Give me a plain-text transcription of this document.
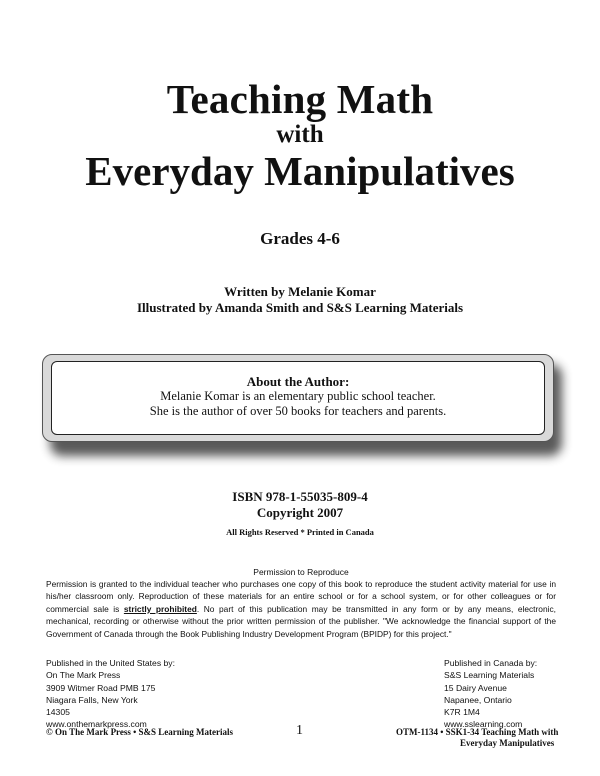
Teaching Math
with
Everyday Manipulatives
Grades 4-6
Written by Melanie Komar
Illustrated by Amanda Smith and S&S Learning Materials
About the Author:
Melanie Komar is an elementary public school teacher.
She is the author of over 50 books for teachers and parents.
ISBN 978-1-55035-809-4
Copyright 2007
All Rights Reserved * Printed in Canada
Permission to Reproduce
Permission is granted to the individual teacher who purchases one copy of this book to reproduce the student activity material for use in his/her classroom only. Reproduction of these materials for an entire school or for a school system, or for other colleagues or for commercial sale is strictly prohibited. No part of this publication may be transmitted in any form or by any means, electronic, mechanical, recording or otherwise without the prior written permission of the publisher. "We acknowledge the financial support of the Government of Canada through the Book Publishing Industry Development Program (BPIDP) for this project."
Published in the United States by:
On The Mark Press
3909 Witmer Road PMB 175
Niagara Falls, New York
14305
www.onthemarkpress.com
Published in Canada by:
S&S Learning Materials
15 Dairy Avenue
Napanee, Ontario
K7R 1M4
www.sslearning.com
© On The Mark Press • S&S Learning Materials	1	OTM-1134 • SSK1-34 Teaching Math with
Everyday Manipulatives
